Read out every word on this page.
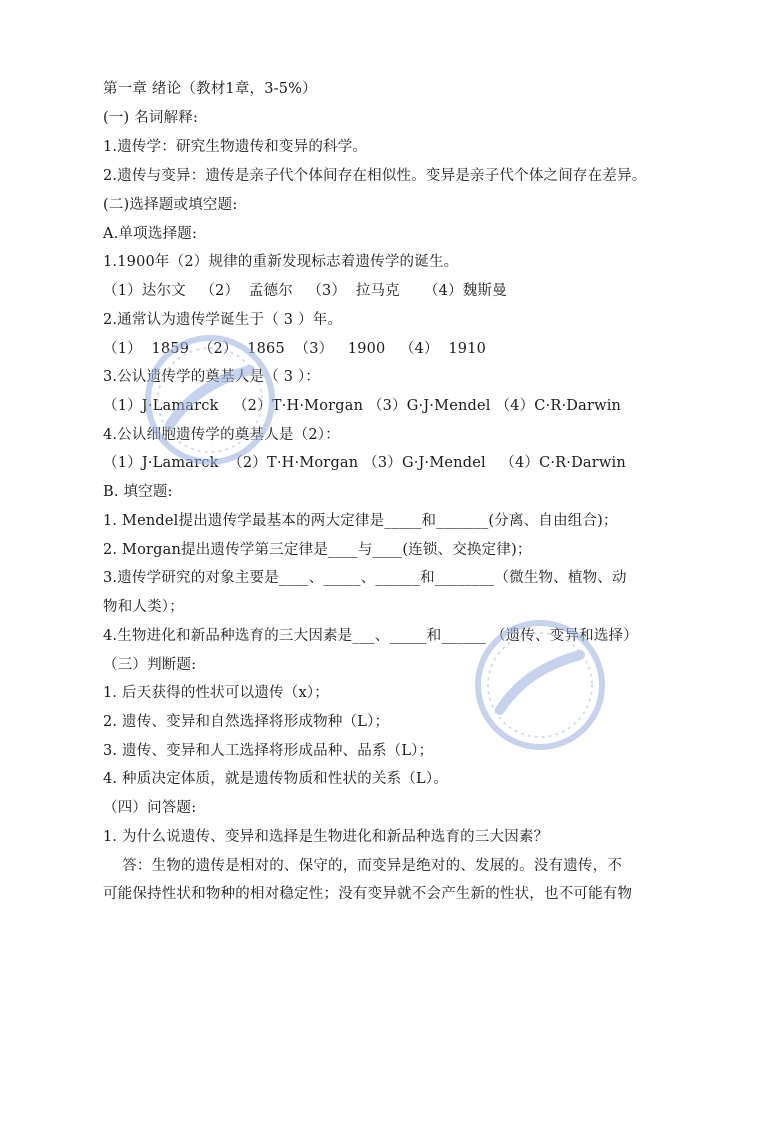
第一章 绪论（教材1章，3-5%）
(一) 名词解释:
1.遗传学：研究生物遗传和变异的科学。
2.遗传与变异：遗传是亲子代个体间存在相似性。变异是亲子代个体之间存在差异。
(二)选择题或填空题:
A.单项选择题:
1.1900年（2）规律的重新发现标志着遗传学的诞生。
（1）达尔文   （2）  孟德尔   （3）  拉马克     （4）魏斯曼
2.通常认为遗传学诞生于（ 3 ）年。
（1）  1859  （2）  1865  （3）   1900   （4）  1910
3.公认遗传学的奠基人是（ 3 ）：
（1）J·Lamarck   （2）T·H·Morgan （3）G·J·Mendel （4）C·R·Darwin
4.公认细胞遗传学的奠基人是（2）：
（1）J·Lamarck  （2）T·H·Morgan （3）G·J·Mendel   （4）C·R·Darwin
B. 填空题:
1. Mendel提出遗传学最基本的两大定律是_____和_______(分离、自由组合)；
2. Morgan提出遗传学第三定律是____与____(连锁、交换定律)；
3.遗传学研究的对象主要是____、_____、______和________（微生物、植物、动
物和人类）；
4.生物进化和新品种选育的三大因素是___、_____和______ （遗传、变异和选择）
（三）判断题:
1. 后天获得的性状可以遗传（x）；
2. 遗传、变异和自然选择将形成物种（L）；
3. 遗传、变异和人工选择将形成品种、品系（L）；
4. 种质决定体质，就是遗传物质和性状的关系（L）。
（四）问答题:
1. 为什么说遗传、变异和选择是生物进化和新品种选育的三大因素？
答：生物的遗传是相对的、保守的，而变异是绝对的、发展的。没有遗传，不
可能保持性状和物种的相对稳定性；没有变异就不会产生新的性状，也不可能有物
